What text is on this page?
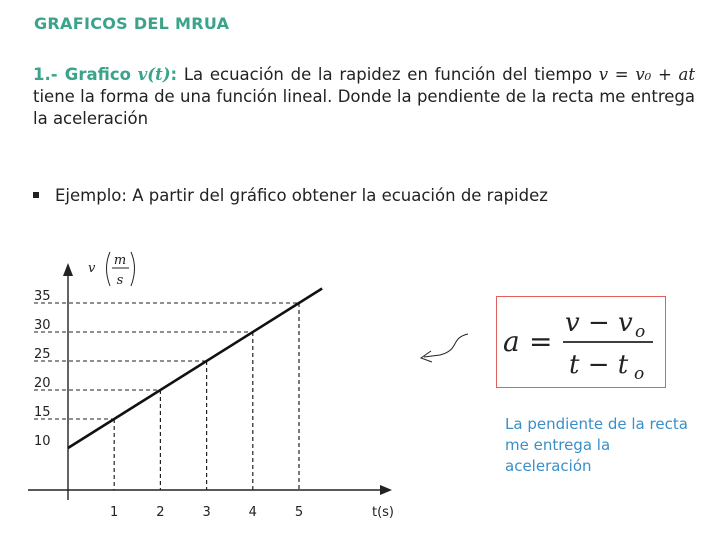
GRAFICOS DEL MRUA
1.- Grafico v(t): La ecuación de la rapidez en función del tiempo v = v₀ + at tiene la forma de una función lineal. Donde la pendiente de la recta me entrega la aceleración
Ejemplo: A partir del gráfico obtener la ecuación de rapidez
10
15
20
25
30
35
1	2	3	4	5	t(s)
v
m
s
a =
v − v o
t − t o
La pendiente de la recta me entrega la aceleración
